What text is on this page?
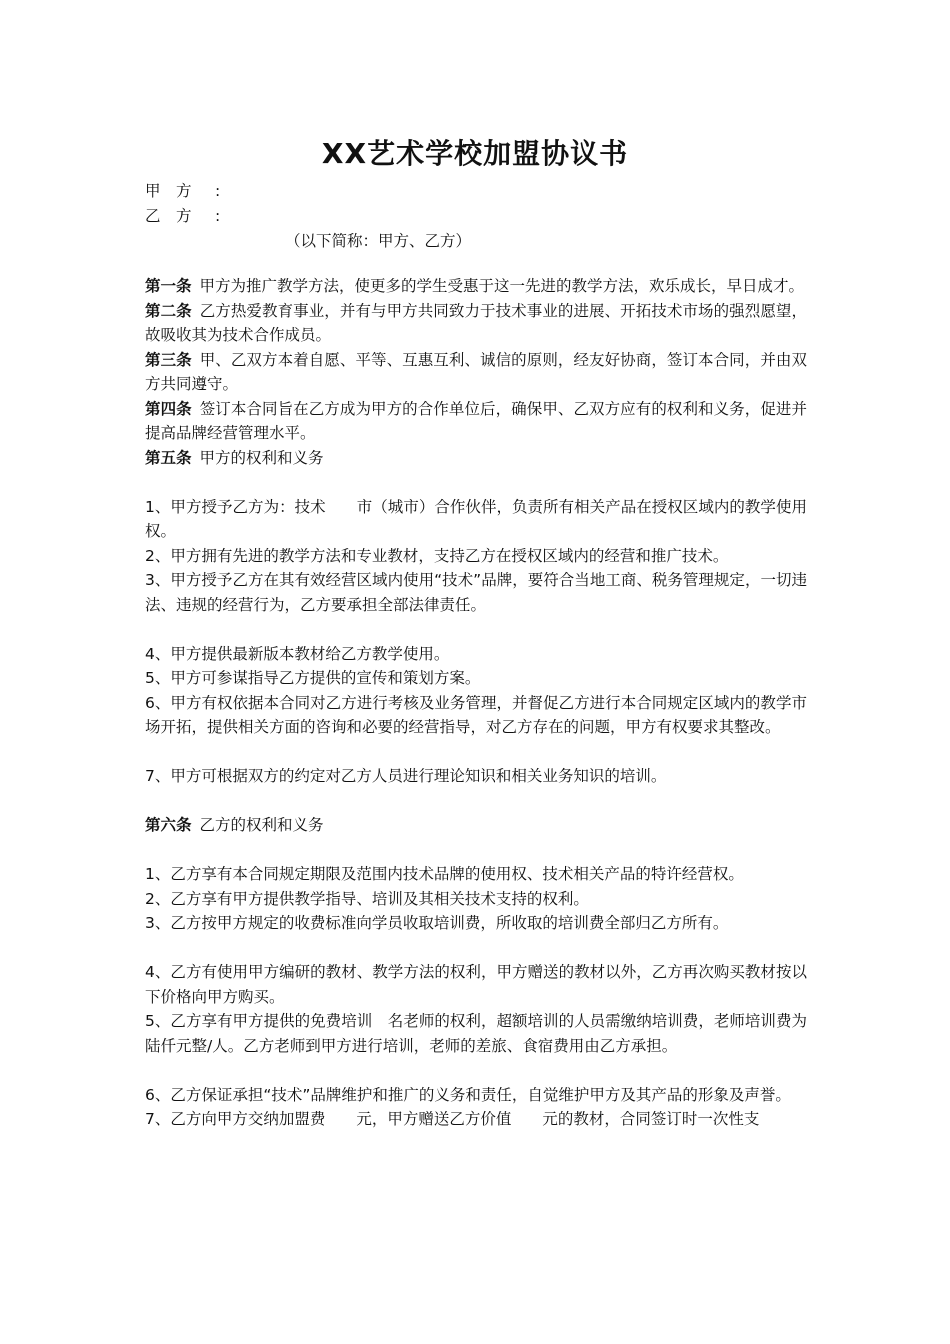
XX艺术学校加盟协议书
甲　方 :
乙　方 :
（以下简称：甲方、乙方）

第一条 甲方为推广教学方法，使更多的学生受惠于这一先进的教学方法，欢乐成长，早日成才。

第二条 乙方热爱教育事业，并有与甲方共同致力于技术事业的进展、开拓技术市场的强烈愿望，故吸收其为技术合作成员。

第三条 甲、乙双方本着自愿、平等、互惠互利、诚信的原则，经友好协商，签订本合同，并由双方共同遵守。

第四条 签订本合同旨在乙方成为甲方的合作单位后，确保甲、乙双方应有的权利和义务，促进并提高品牌经营管理水平。

第五条 甲方的权利和义务

1、甲方授予乙方为：技术　　市（城市）合作伙伴，负责所有相关产品在授权区域内的教学使用权。

2、甲方拥有先进的教学方法和专业教材，支持乙方在授权区域内的经营和推广技术。

3、甲方授予乙方在其有效经营区域内使用“技术”品牌，要符合当地工商、税务管理规定，一切违法、违规的经营行为，乙方要承担全部法律责任。

4、甲方提供最新版本教材给乙方教学使用。

5、甲方可参谋指导乙方提供的宣传和策划方案。

6、甲方有权依据本合同对乙方进行考核及业务管理，并督促乙方进行本合同规定区域内的教学市场开拓，提供相关方面的咨询和必要的经营指导，对乙方存在的问题，甲方有权要求其整改。

7、甲方可根据双方的约定对乙方人员进行理论知识和相关业务知识的培训。

第六条 乙方的权利和义务

1、乙方享有本合同规定期限及范围内技术品牌的使用权、技术相关产品的特许经营权。

2、乙方享有甲方提供教学指导、培训及其相关技术支持的权利。

3、乙方按甲方规定的收费标准向学员收取培训费，所收取的培训费全部归乙方所有。

4、乙方有使用甲方编研的教材、教学方法的权利，甲方赠送的教材以外，乙方再次购买教材按以下价格向甲方购买。

5、乙方享有甲方提供的免费培训　名老师的权利，超额培训的人员需缴纳培训费，老师培训费为陆仟元整/人。乙方老师到甲方进行培训，老师的差旅、食宿费用由乙方承担。

6、乙方保证承担“技术”品牌维护和推广的义务和责任，自觉维护甲方及其产品的形象及声誉。

7、乙方向甲方交纳加盟费　　元，甲方赠送乙方价值　　元的教材，合同签订时一次性支
